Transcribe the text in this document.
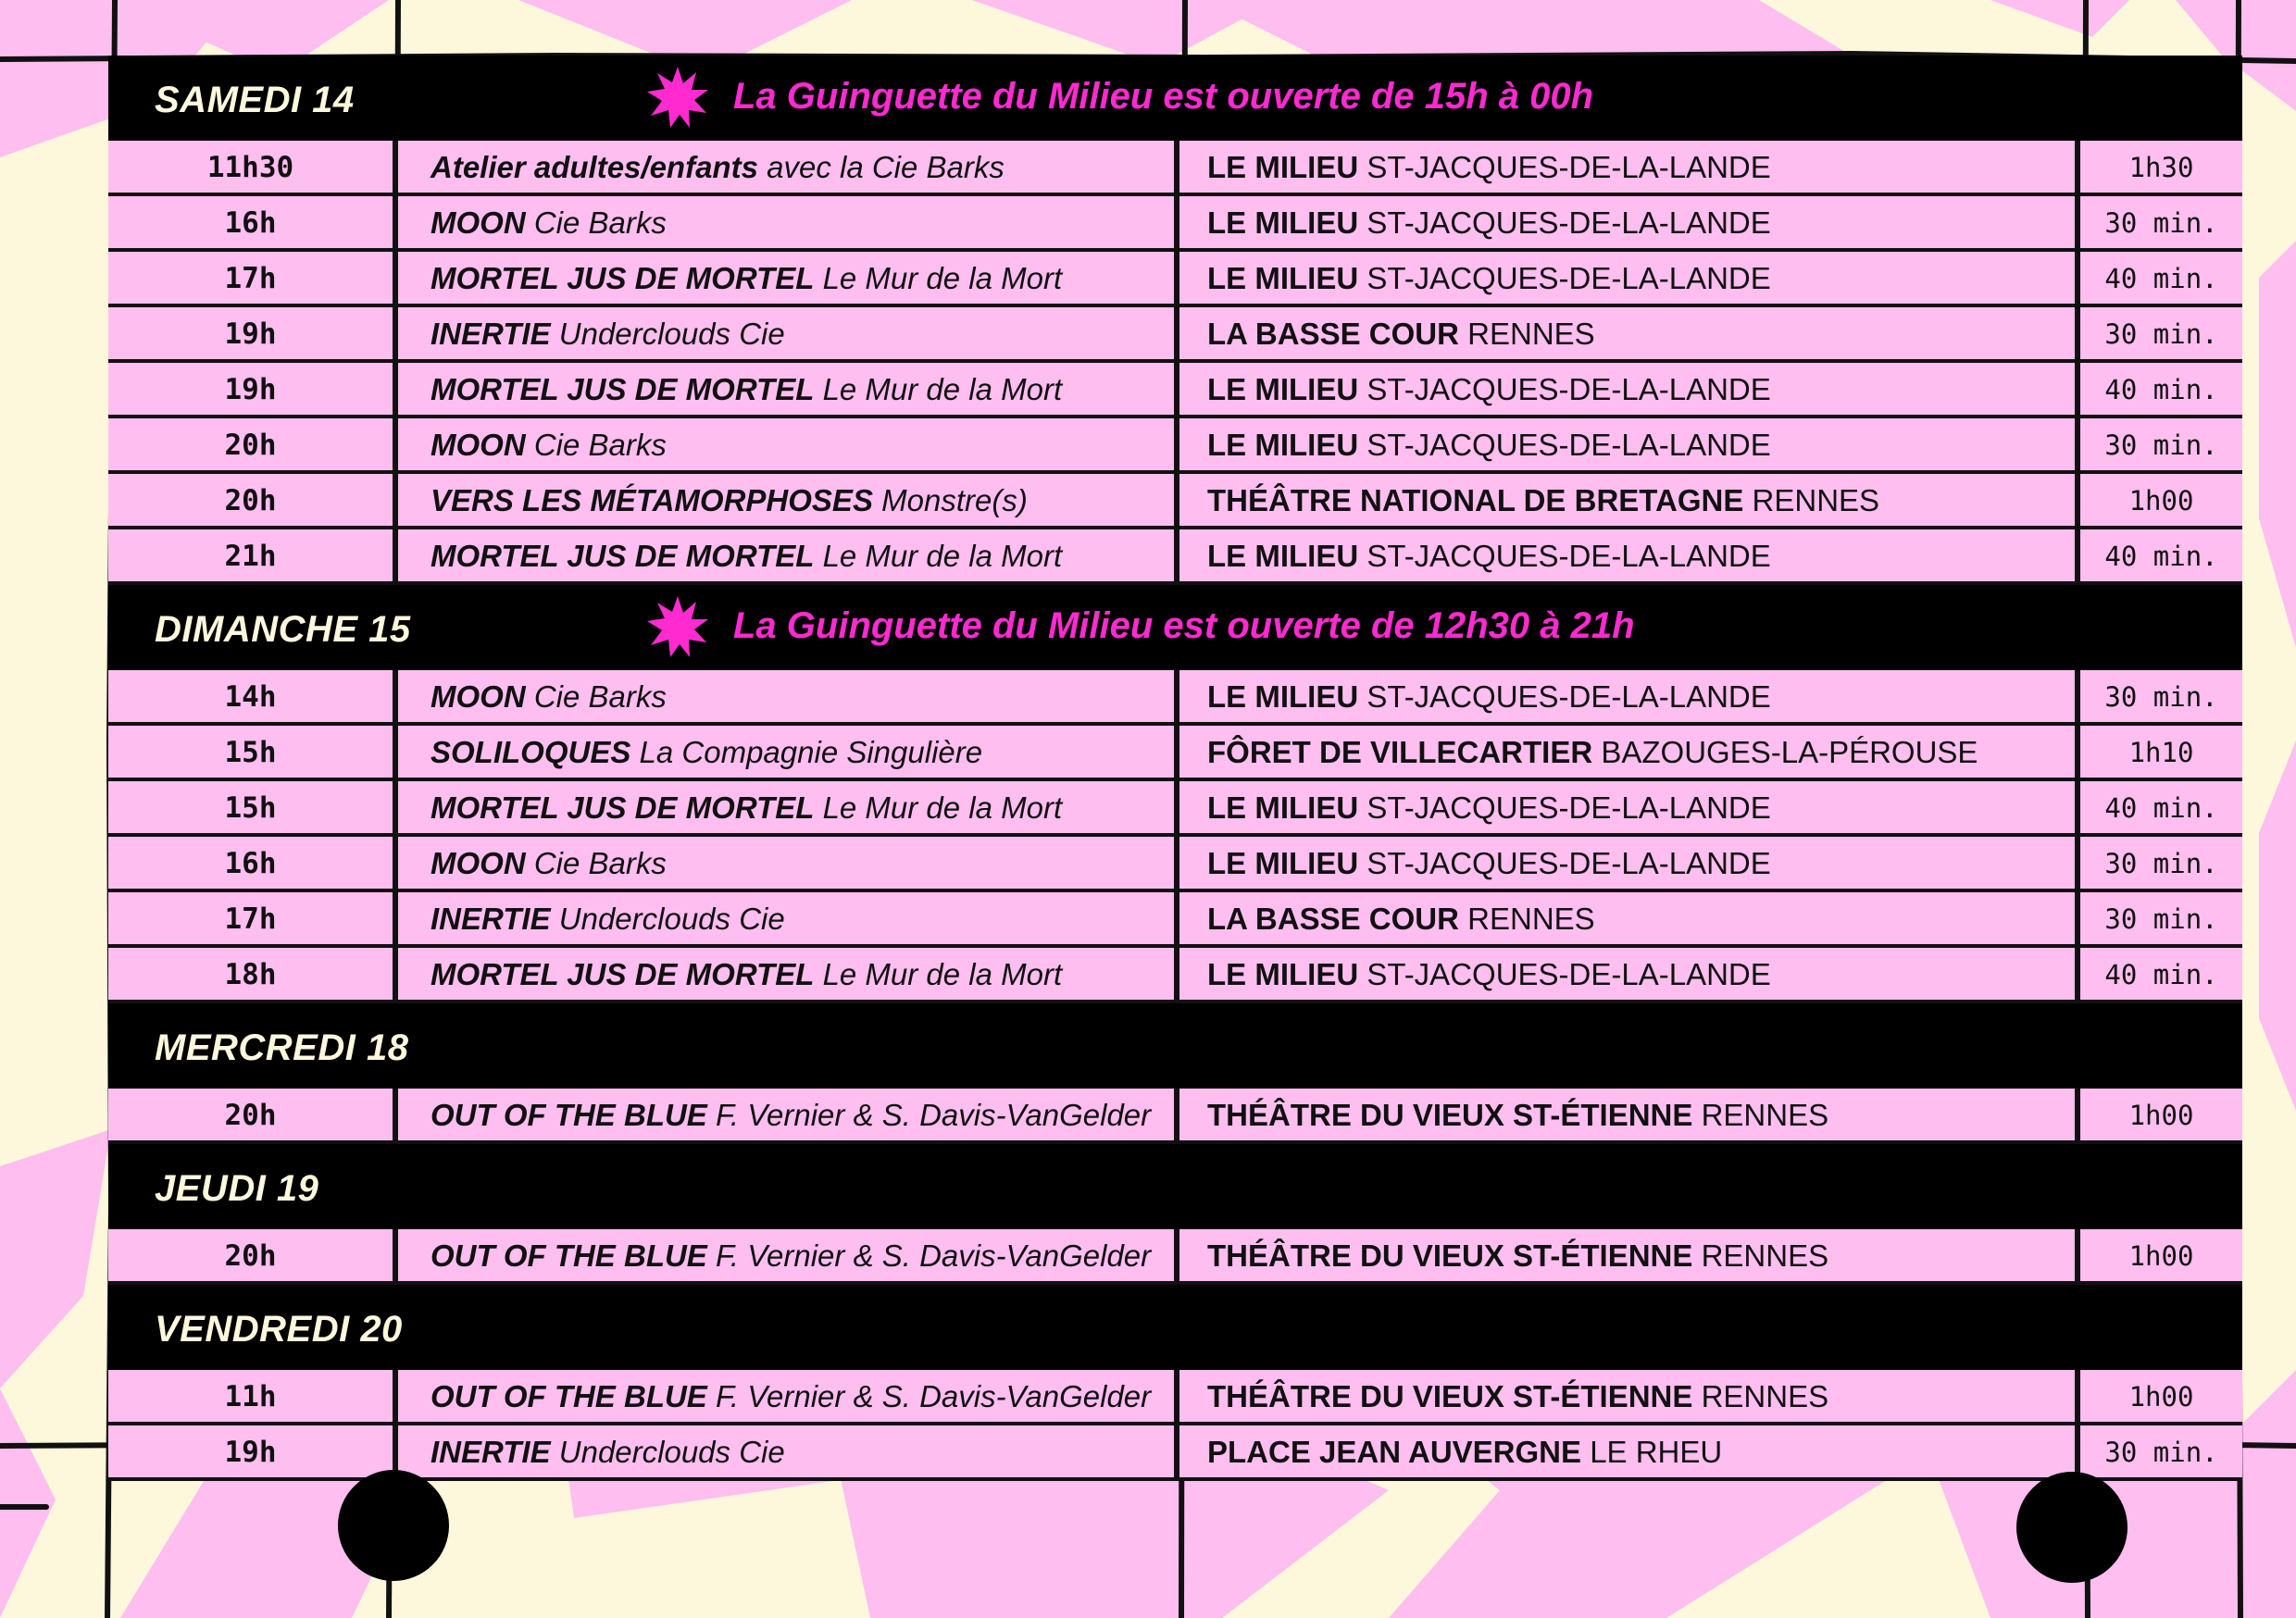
SAMEDI 14	La Guinguette du Milieu est ouverte de 15h à 00h
11h30	Atelier adultes/enfants avec la Cie Barks	LE MILIEU ST-JACQUES-DE-LA-LANDE	1h30
16h	MOON Cie Barks	LE MILIEU ST-JACQUES-DE-LA-LANDE	30 min.
17h	MORTEL JUS DE MORTEL Le Mur de la Mort	LE MILIEU ST-JACQUES-DE-LA-LANDE	40 min.
19h	INERTIE Underclouds Cie	LA BASSE COUR RENNES	30 min.
19h	MORTEL JUS DE MORTEL Le Mur de la Mort	LE MILIEU ST-JACQUES-DE-LA-LANDE	40 min.
20h	MOON Cie Barks	LE MILIEU ST-JACQUES-DE-LA-LANDE	30 min.
20h	VERS LES MÉTAMORPHOSES Monstre(s)	THÉÂTRE NATIONAL DE BRETAGNE RENNES	1h00
21h	MORTEL JUS DE MORTEL Le Mur de la Mort	LE MILIEU ST-JACQUES-DE-LA-LANDE	40 min.
DIMANCHE 15	La Guinguette du Milieu est ouverte de 12h30 à 21h
14h	MOON Cie Barks	LE MILIEU ST-JACQUES-DE-LA-LANDE	30 min.
15h	SOLILOQUES La Compagnie Singulière	FÔRET DE VILLECARTIER BAZOUGES-LA-PÉROUSE	1h10
15h	MORTEL JUS DE MORTEL Le Mur de la Mort	LE MILIEU ST-JACQUES-DE-LA-LANDE	40 min.
16h	MOON Cie Barks	LE MILIEU ST-JACQUES-DE-LA-LANDE	30 min.
17h	INERTIE Underclouds Cie	LA BASSE COUR RENNES	30 min.
18h	MORTEL JUS DE MORTEL Le Mur de la Mort	LE MILIEU ST-JACQUES-DE-LA-LANDE	40 min.
MERCREDI 18
20h	OUT OF THE BLUE F. Vernier & S. Davis-VanGelder	THÉÂTRE DU VIEUX ST-ÉTIENNE RENNES	1h00
JEUDI 19
20h	OUT OF THE BLUE F. Vernier & S. Davis-VanGelder	THÉÂTRE DU VIEUX ST-ÉTIENNE RENNES	1h00
VENDREDI 20
11h	OUT OF THE BLUE F. Vernier & S. Davis-VanGelder	THÉÂTRE DU VIEUX ST-ÉTIENNE RENNES	1h00
19h	INERTIE Underclouds Cie	PLACE JEAN AUVERGNE LE RHEU	30 min.
